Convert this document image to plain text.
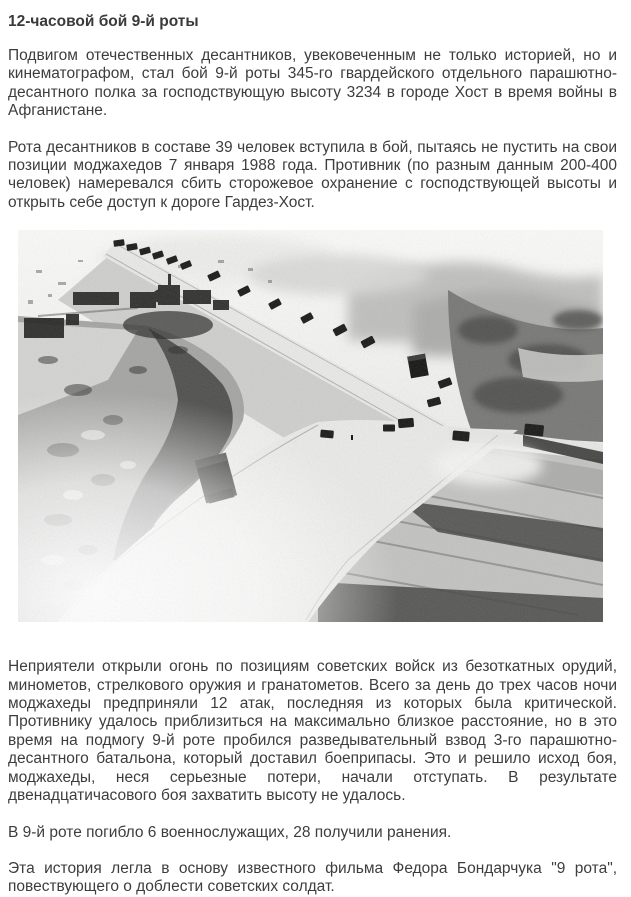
12-часовой бой 9-й роты

Подвигом отечественных десантников, увековеченным не только историей, но и кинематографом, стал бой 9-й роты 345-го гвардейского отдельного парашютно-десантного полка за господствующую высоту 3234 в городе Хост в время войны в Афганистане.

Рота десантников в составе 39 человек вступила в бой, пытаясь не пустить на свои позиции моджахедов 7 января 1988 года. Противник (по разным данным 200-400 человек) намеревался сбить сторожевое охранение с господствующей высоты и открыть себе доступ к дороге Гардез-Хост.

Неприятели открыли огонь по позициям советских войск из безоткатных орудий, минометов, стрелкового оружия и гранатометов. Всего за день до трех часов ночи моджахеды предприняли 12 атак, последняя из которых была критической. Противнику удалось приблизиться на максимально близкое расстояние, но в это время на подмогу 9-й роте пробился разведывательный взвод 3-го парашютно-десантного батальона, который доставил боеприпасы. Это и решило исход боя, моджахеды, неся серьезные потери, начали отступать. В результате двенадцатичасового боя захватить высоту не удалось.

В 9-й роте погибло 6 военнослужащих, 28 получили ранения.

Эта история легла в основу известного фильма Федора Бондарчука "9 рота", повествующего о доблести советских солдат.
